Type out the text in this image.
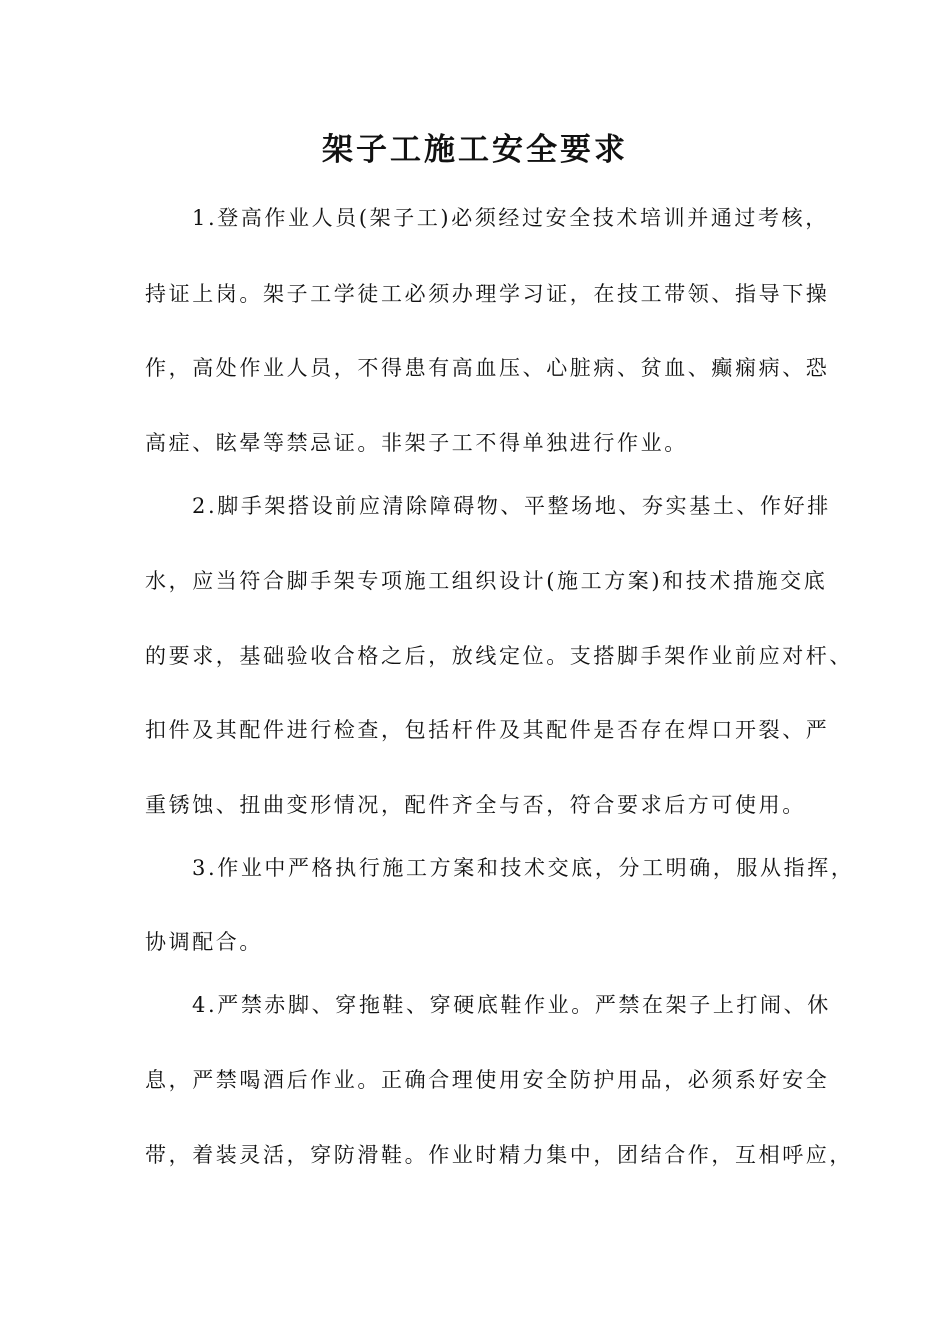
架子工施工安全要求

1.登高作业人员(架子工)必须经过安全技术培训并通过考核，

持证上岗。架子工学徒工必须办理学习证，在技工带领、指导下操

作，高处作业人员，不得患有高血压、心脏病、贫血、癫痫病、恐

高症、眩晕等禁忌证。非架子工不得单独进行作业。

2.脚手架搭设前应清除障碍物、平整场地、夯实基土、作好排

水，应当符合脚手架专项施工组织设计(施工方案)和技术措施交底

的要求，基础验收合格之后，放线定位。支搭脚手架作业前应对杆、

扣件及其配件进行检查，包括杆件及其配件是否存在焊口开裂、严

重锈蚀、扭曲变形情况，配件齐全与否，符合要求后方可使用。

3.作业中严格执行施工方案和技术交底，分工明确，服从指挥，

协调配合。

4.严禁赤脚、穿拖鞋、穿硬底鞋作业。严禁在架子上打闹、休

息，严禁喝酒后作业。正确合理使用安全防护用品，必须系好安全

带，着装灵活，穿防滑鞋。作业时精力集中，团结合作，互相呼应，
